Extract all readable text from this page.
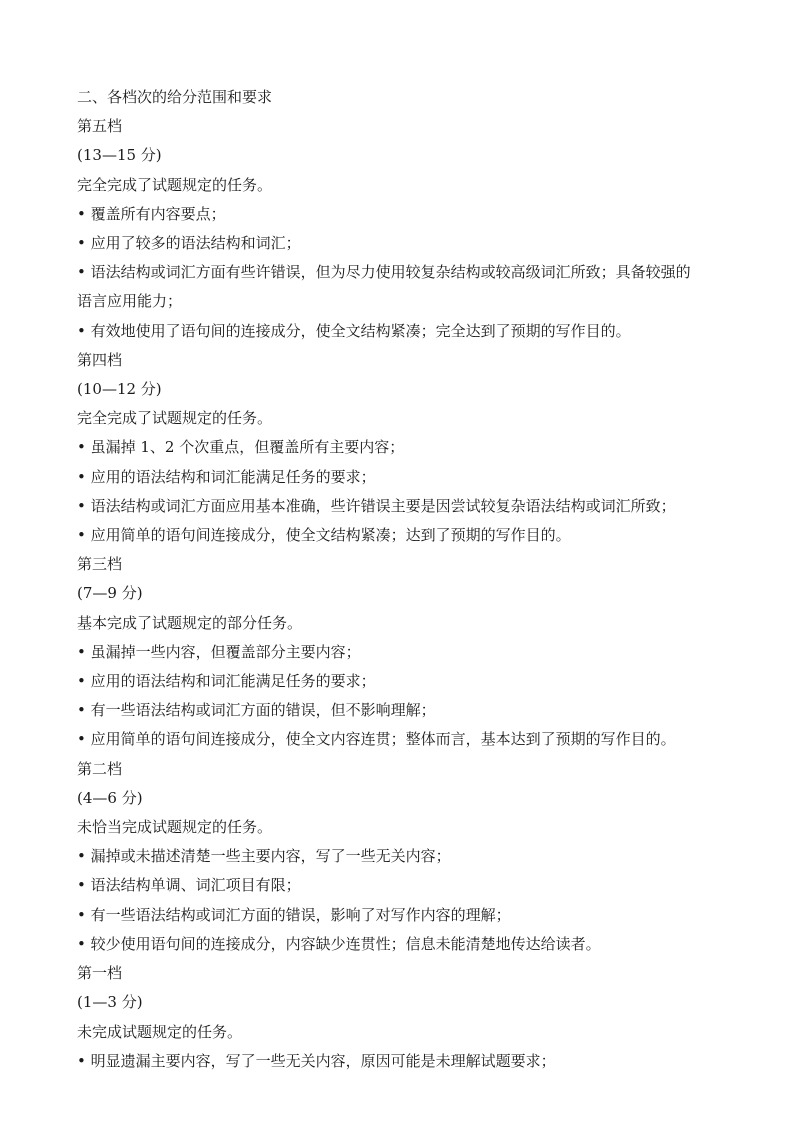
二、各档次的给分范围和要求
第五档
(13—15 分)
完全完成了试题规定的任务。
• 覆盖所有内容要点；
• 应用了较多的语法结构和词汇；
• 语法结构或词汇方面有些许错误，但为尽力使用较复杂结构或较高级词汇所致；具备较强的
语言应用能力；
• 有效地使用了语句间的连接成分，使全文结构紧凑；完全达到了预期的写作目的。
第四档
(10—12 分)
完全完成了试题规定的任务。
• 虽漏掉 1、2 个次重点，但覆盖所有主要内容；
• 应用的语法结构和词汇能满足任务的要求；
• 语法结构或词汇方面应用基本准确，些许错误主要是因尝试较复杂语法结构或词汇所致；
• 应用简单的语句间连接成分，使全文结构紧凑；达到了预期的写作目的。
第三档
(7—9 分)
基本完成了试题规定的部分任务。
• 虽漏掉一些内容，但覆盖部分主要内容；
• 应用的语法结构和词汇能满足任务的要求；
• 有一些语法结构或词汇方面的错误，但不影响理解；
• 应用简单的语句间连接成分，使全文内容连贯；整体而言，基本达到了预期的写作目的。
第二档
(4—6 分)
未恰当完成试题规定的任务。
• 漏掉或未描述清楚一些主要内容，写了一些无关内容；
• 语法结构单调、词汇项目有限；
• 有一些语法结构或词汇方面的错误，影响了对写作内容的理解；
• 较少使用语句间的连接成分，内容缺少连贯性；信息未能清楚地传达给读者。
第一档
(1—3 分)
未完成试题规定的任务。
• 明显遗漏主要内容，写了一些无关内容，原因可能是未理解试题要求；
